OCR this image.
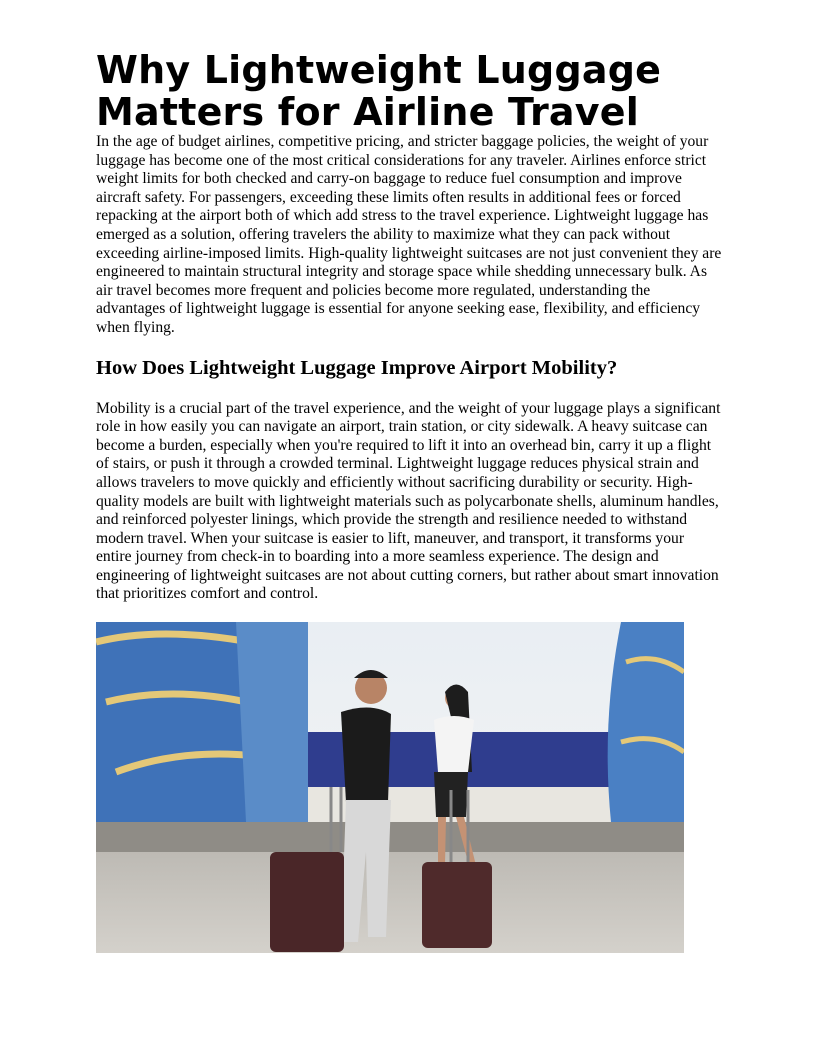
Why Lightweight Luggage Matters for Airline Travel

In the age of budget airlines, competitive pricing, and stricter baggage policies, the weight of your luggage has become one of the most critical considerations for any traveler. Airlines enforce strict weight limits for both checked and carry-on baggage to reduce fuel consumption and improve aircraft safety. For passengers, exceeding these limits often results in additional fees or forced repacking at the airport both of which add stress to the travel experience. Lightweight luggage has emerged as a solution, offering travelers the ability to maximize what they can pack without exceeding airline-imposed limits. High-quality lightweight suitcases are not just convenient they are engineered to maintain structural integrity and storage space while shedding unnecessary bulk. As air travel becomes more frequent and policies become more regulated, understanding the advantages of lightweight luggage is essential for anyone seeking ease, flexibility, and efficiency when flying.

How Does Lightweight Luggage Improve Airport Mobility?

Mobility is a crucial part of the travel experience, and the weight of your luggage plays a significant role in how easily you can navigate an airport, train station, or city sidewalk. A heavy suitcase can become a burden, especially when you're required to lift it into an overhead bin, carry it up a flight of stairs, or push it through a crowded terminal. Lightweight luggage reduces physical strain and allows travelers to move quickly and efficiently without sacrificing durability or security. High-quality models are built with lightweight materials such as polycarbonate shells, aluminum handles, and reinforced polyester linings, which provide the strength and resilience needed to withstand modern travel. When your suitcase is easier to lift, maneuver, and transport, it transforms your entire journey from check-in to boarding into a more seamless experience. The design and engineering of lightweight suitcases are not about cutting corners, but rather about smart innovation that prioritizes comfort and control.
